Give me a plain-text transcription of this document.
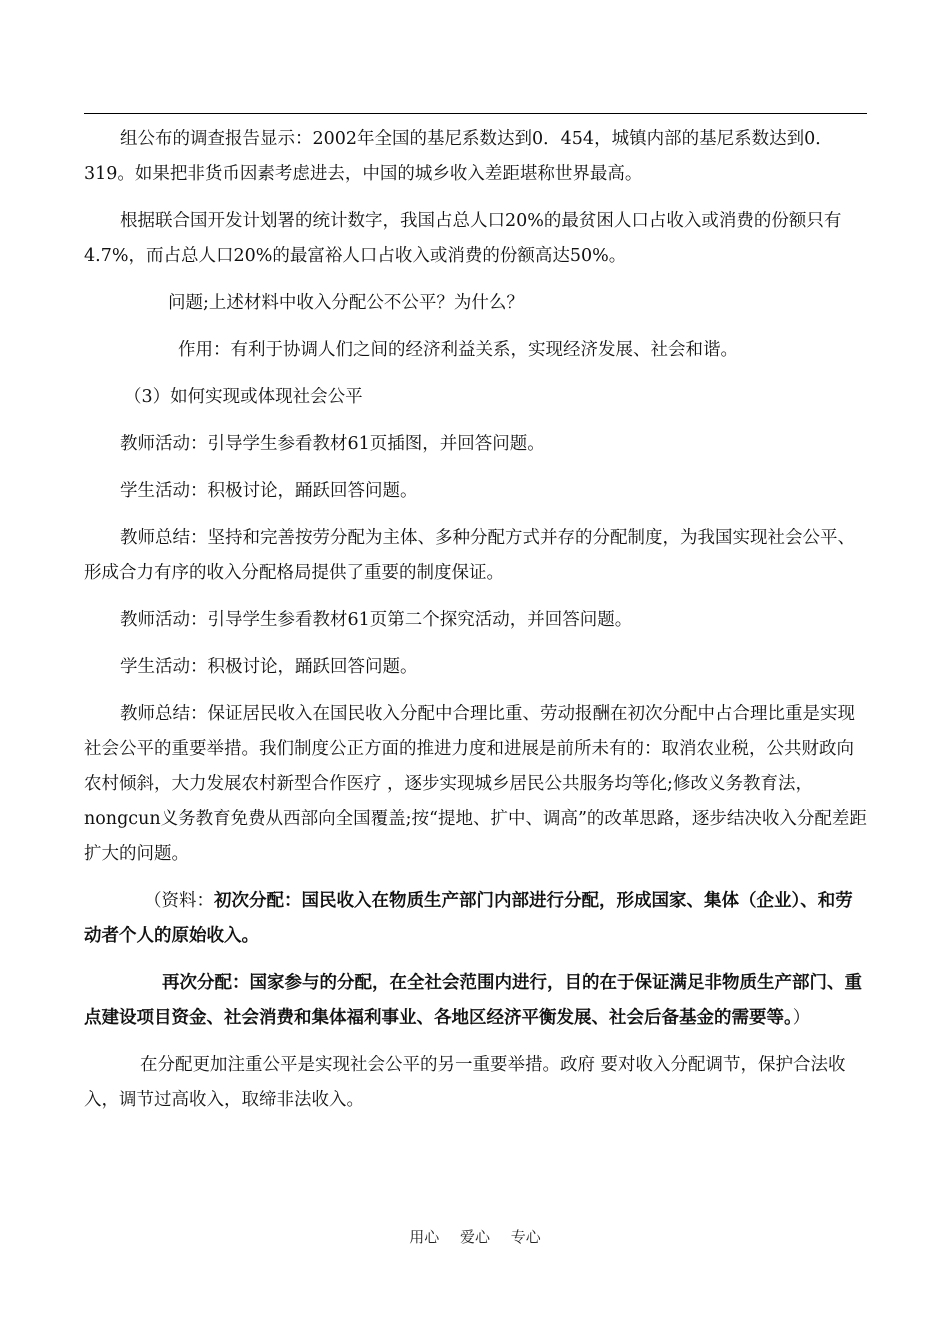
组公布的调查报告显示：2002年全国的基尼系数达到0．454，城镇内部的基尼系数达到0．319。如果把非货币因素考虑进去，中国的城乡收入差距堪称世界最高。

根据联合国开发计划署的统计数字，我国占总人口20%的最贫困人口占收入或消费的份额只有4.7%，而占总人口20%的最富裕人口占收入或消费的份额高达50%。

问题;上述材料中收入分配公不公平？为什么？

作用：有利于协调人们之间的经济利益关系，实现经济发展、社会和谐。

（3）如何实现或体现社会公平

教师活动：引导学生参看教材61页插图，并回答问题。

学生活动：积极讨论，踊跃回答问题。

教师总结：坚持和完善按劳分配为主体、多种分配方式并存的分配制度，为我国实现社会公平、形成合力有序的收入分配格局提供了重要的制度保证。

教师活动：引导学生参看教材61页第二个探究活动，并回答问题。

学生活动：积极讨论，踊跃回答问题。

教师总结：保证居民收入在国民收入分配中合理比重、劳动报酬在初次分配中占合理比重是实现社会公平的重要举措。我们制度公正方面的推进力度和进展是前所未有的：取消农业税，公共财政向农村倾斜，大力发展农村新型合作医疗 ，逐步实现城乡居民公共服务均等化;修改义务教育法，nongcun义务教育免费从西部向全国覆盖;按“提地、扩中、调高”的改革思路，逐步结决收入分配差距扩大的问题。

（资料：初次分配：国民收入在物质生产部门内部进行分配，形成国家、集体（企业）、和劳动者个人的原始收入。

再次分配：国家参与的分配，在全社会范围内进行，目的在于保证满足非物质生产部门、重点建设项目资金、社会消费和集体福利事业、各地区经济平衡发展、社会后备基金的需要等。）

在分配更加注重公平是实现社会公平的另一重要举措。政府 要对收入分配调节，保护合法收入，调节过高收入，取缔非法收入。

用心 爱心 专心
